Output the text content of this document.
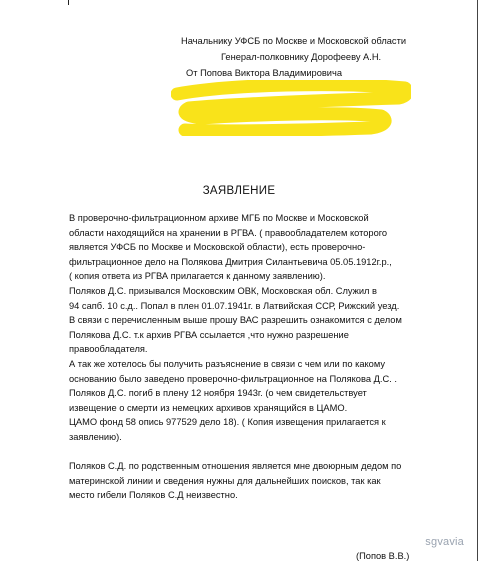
Начальнику УФСБ по Москве и Московской области
Генерал-полковнику Дорофееву А.Н.
От Попова Виктора Владимировича
ЗАЯВЛЕНИЕ
В проверочно-фильтрационном архиве МГБ по Москве и Московской
области находящийся на хранении в РГВА. ( правообладателем которого
является УФСБ по Москве и Московской области), есть проверочно-
фильтрационное дело на Полякова Дмитрия Силантьевича 05.05.1912г.р.,
( копия ответа из РГВА прилагается к данному заявлению).
Поляков Д.С. призывался Московским ОВК, Московская обл. Служил в
94 сапб. 10 с.д.. Попал в плен 01.07.1941г. в Латвийская ССР, Рижский уезд.
В связи с перечисленным выше прошу ВАС разрешить ознакомится с делом
Полякова Д.С. т.к архив РГВА ссылается ,что нужно разрешение
правообладателя.
А так же хотелось бы получить разъяснение в связи с чем или по какому
основанию было заведено проверочно-фильтрационное на Полякова Д.С. .
Поляков Д.С. погиб в плену 12 ноября 1943г. (о чем свидетельствует
извещение о смерти из немецких архивов хранящийся в ЦАМО.
ЦАМО фонд 58 опись 977529 дело 18). ( Копия извещения прилагается к
заявлению).

Поляков С.Д. по родственным отношения является мне двоюрным дедом по
материнской линии и сведения нужны для дальнейших поисков, так как
место гибели Поляков С.Д неизвестно.
(Попов В.В.)
sgvavia
